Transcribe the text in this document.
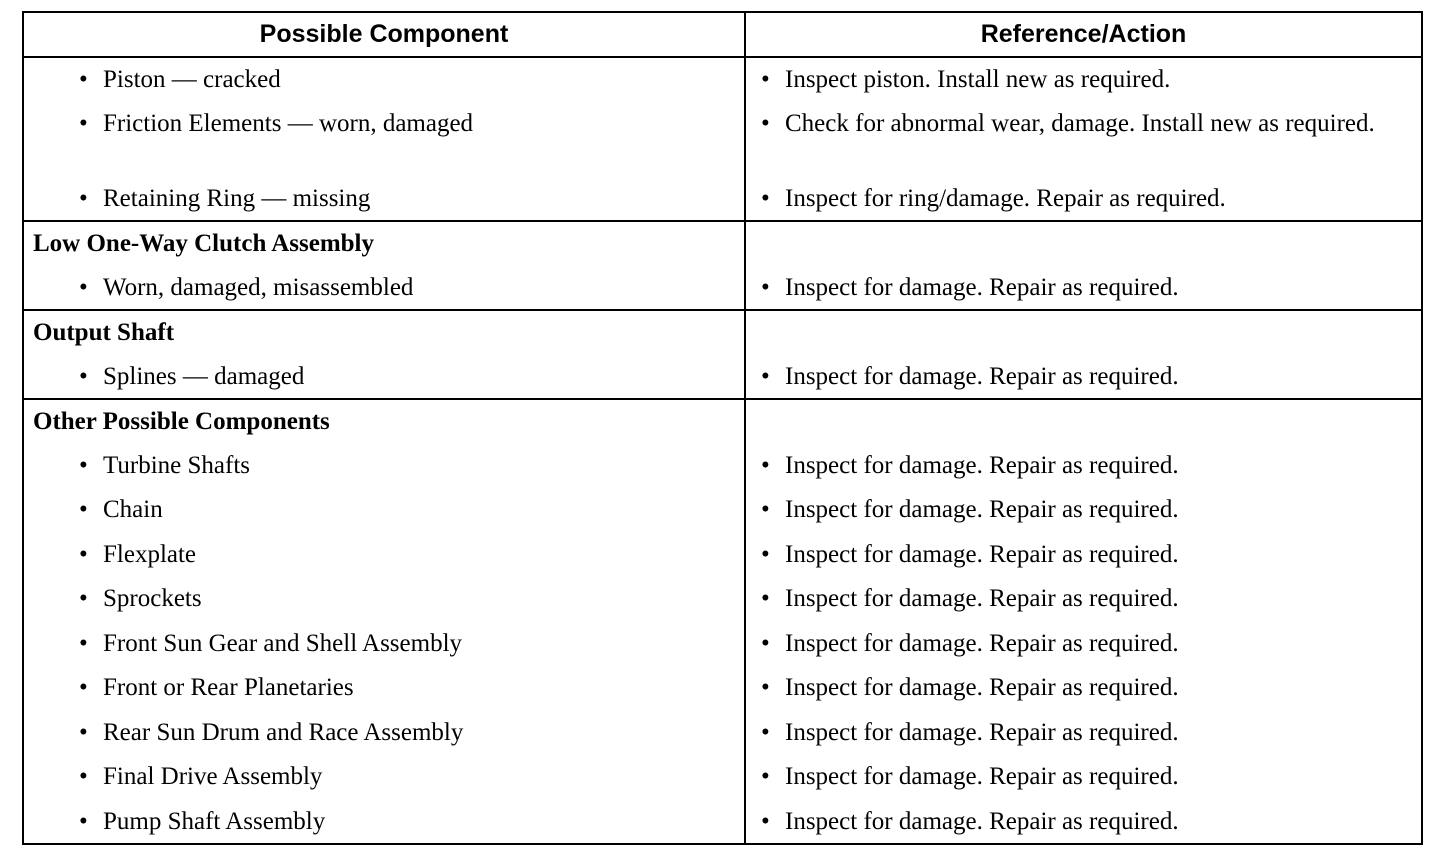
Possible Component	Reference/Action

• Piston — cracked	• Inspect piston. Install new as required.

• Friction Elements — worn, damaged	• Check for abnormal wear, damage. Install new as required.

• Retaining Ring — missing	• Inspect for ring/damage. Repair as required.

Low One-Way Clutch Assembly	

• Worn, damaged, misassembled	• Inspect for damage. Repair as required.

Output Shaft	

• Splines — damaged	• Inspect for damage. Repair as required.

Other Possible Components	

• Turbine Shafts	• Inspect for damage. Repair as required.

• Chain	• Inspect for damage. Repair as required.

• Flexplate	• Inspect for damage. Repair as required.

• Sprockets	• Inspect for damage. Repair as required.

• Front Sun Gear and Shell Assembly	• Inspect for damage. Repair as required.

• Front or Rear Planetaries	• Inspect for damage. Repair as required.

• Rear Sun Drum and Race Assembly	• Inspect for damage. Repair as required.

• Final Drive Assembly	• Inspect for damage. Repair as required.

• Pump Shaft Assembly	• Inspect for damage. Repair as required.
